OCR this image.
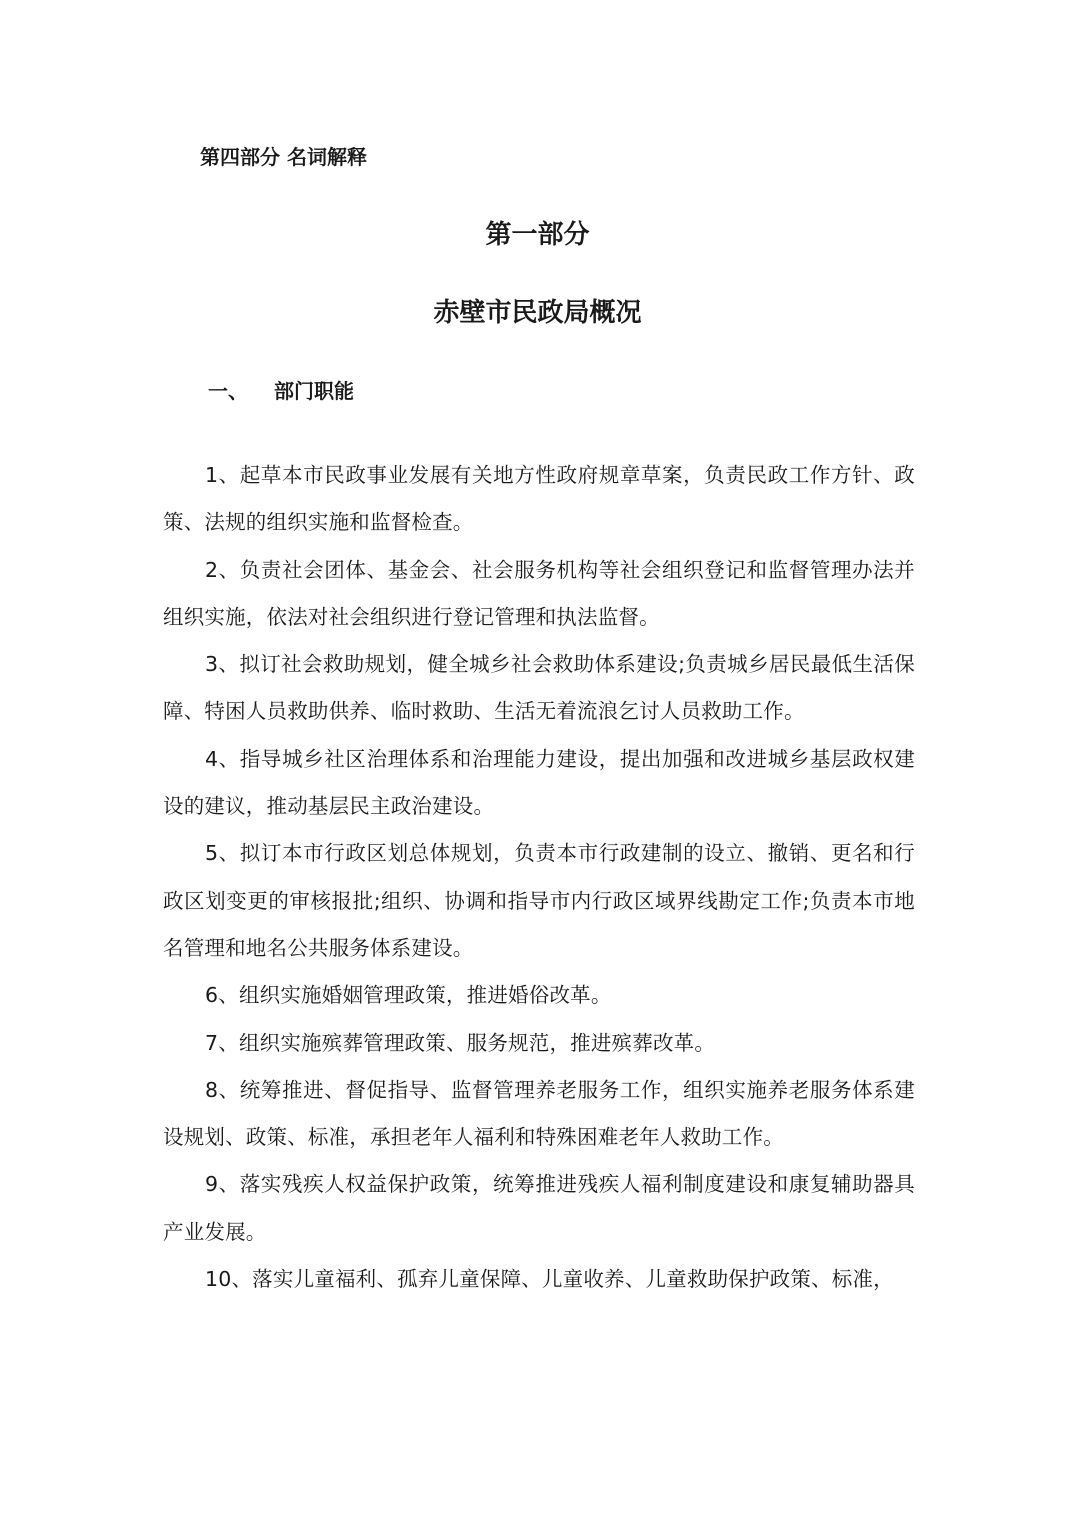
第四部分 名词解释
第一部分
赤壁市民政局概况
一、 部门职能

1、起草本市民政事业发展有关地方性政府规章草案，负责民政工作方针、政策、法规的组织实施和监督检查。

2、负责社会团体、基金会、社会服务机构等社会组织登记和监督管理办法并组织实施，依法对社会组织进行登记管理和执法监督。

3、拟订社会救助规划，健全城乡社会救助体系建设;负责城乡居民最低生活保障、特困人员救助供养、临时救助、生活无着流浪乞讨人员救助工作。

4、指导城乡社区治理体系和治理能力建设，提出加强和改进城乡基层政权建设的建议，推动基层民主政治建设。

5、拟订本市行政区划总体规划，负责本市行政建制的设立、撤销、更名和行政区划变更的审核报批;组织、协调和指导市内行政区域界线勘定工作;负责本市地名管理和地名公共服务体系建设。

6、组织实施婚姻管理政策，推进婚俗改革。

7、组织实施殡葬管理政策、服务规范，推进殡葬改革。

8、统筹推进、督促指导、监督管理养老服务工作，组织实施养老服务体系建设规划、政策、标准，承担老年人福利和特殊困难老年人救助工作。

9、落实残疾人权益保护政策，统筹推进残疾人福利制度建设和康复辅助器具产业发展。

10、落实儿童福利、孤弃儿童保障、儿童收养、儿童救助保护政策、标准，
